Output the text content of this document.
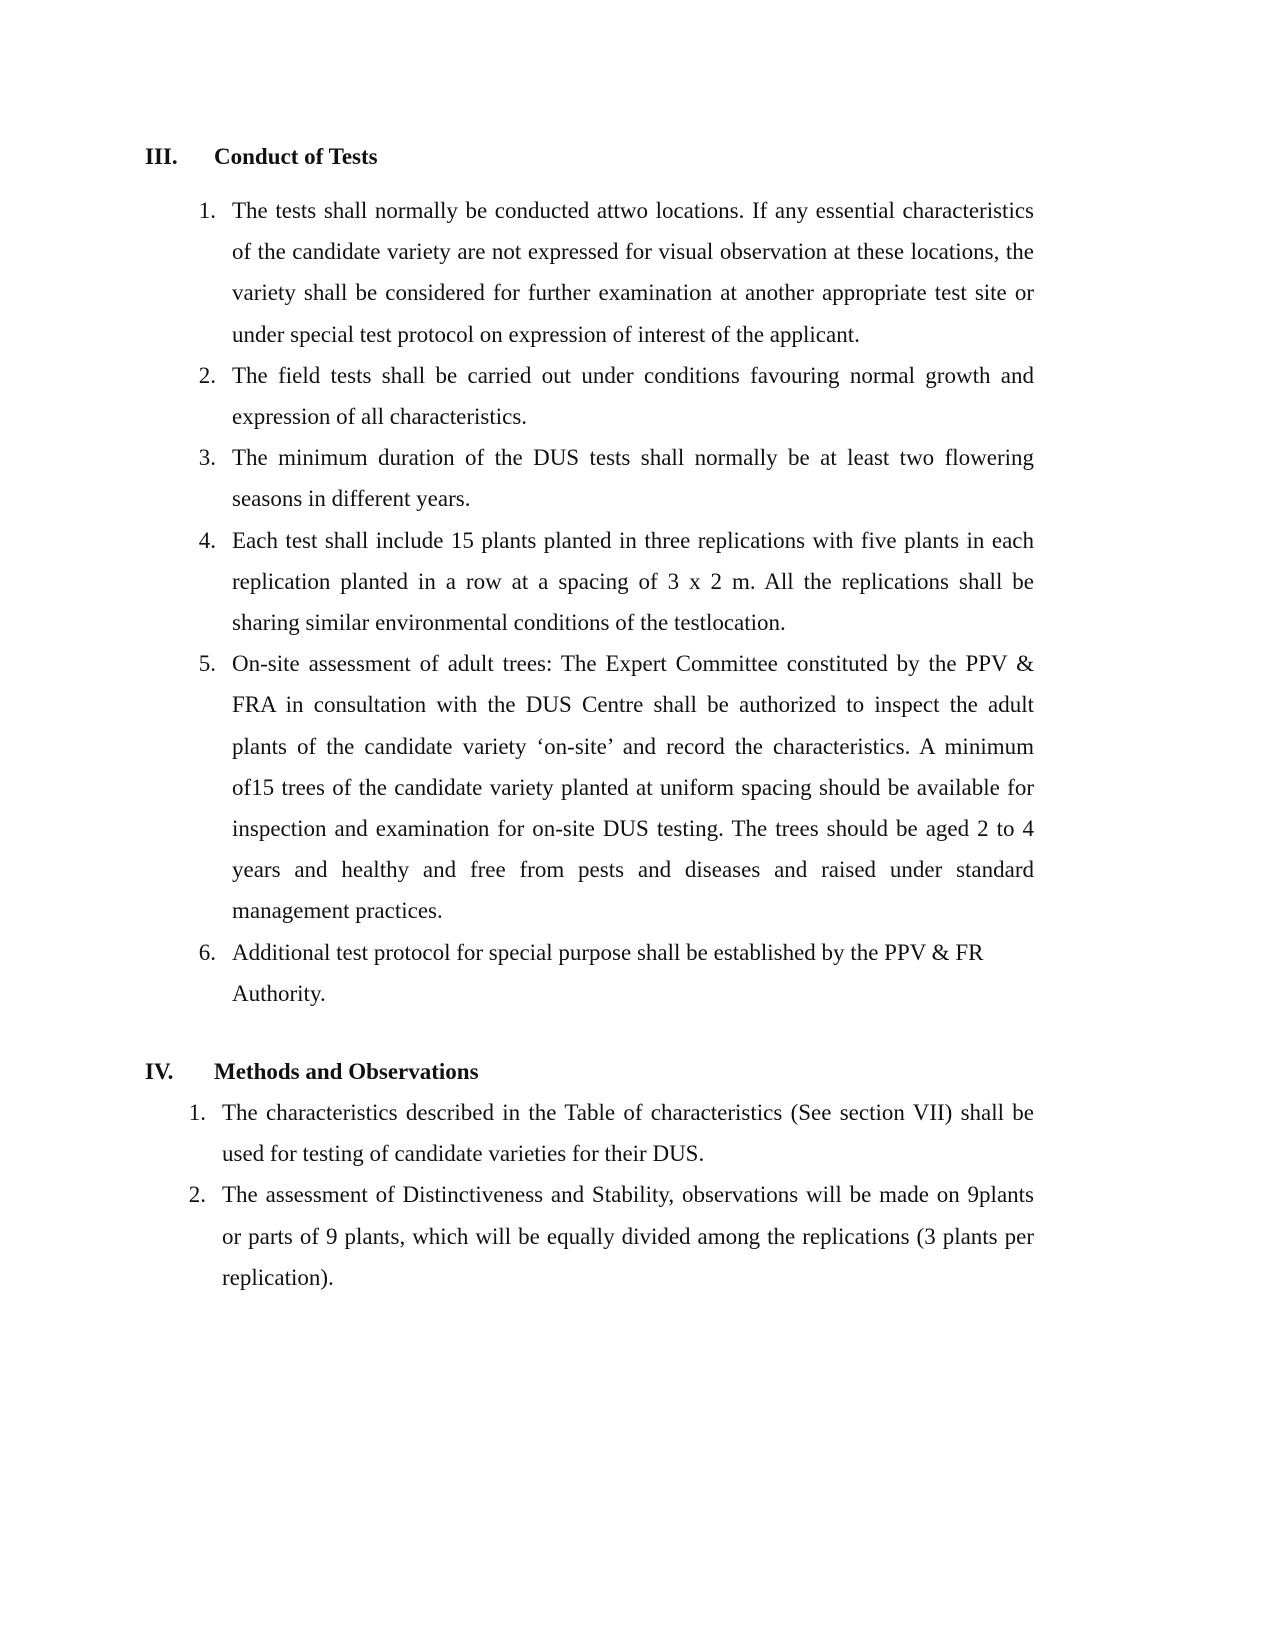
III. Conduct of Tests
1. The tests shall normally be conducted attwo locations. If any essential characteristics of the candidate variety are not expressed for visual observation at these locations, the variety shall be considered for further examination at another appropriate test site or under special test protocol on expression of interest of the applicant.
2. The field tests shall be carried out under conditions favouring normal growth and expression of all characteristics.
3. The minimum duration of the DUS tests shall normally be at least two flowering seasons in different years.
4. Each test shall include 15 plants planted in three replications with five plants in each replication planted in a row at a spacing of 3 x 2 m. All the replications shall be sharing similar environmental conditions of the testlocation.
5. On-site assessment of adult trees: The Expert Committee constituted by the PPV & FRA in consultation with the DUS Centre shall be authorized to inspect the adult plants of the candidate variety ‘on-site’ and record the characteristics. A minimum of15 trees of the candidate variety planted at uniform spacing should be available for inspection and examination for on-site DUS testing. The trees should be aged 2 to 4 years and healthy and free from pests and diseases and raised under standard management practices.
6. Additional test protocol for special purpose shall be established by the PPV & FR Authority.
IV. Methods and Observations
1. The characteristics described in the Table of characteristics (See section VII) shall be used for testing of candidate varieties for their DUS.
2. The assessment of Distinctiveness and Stability, observations will be made on 9plants or parts of 9 plants, which will be equally divided among the replications (3 plants per replication).
